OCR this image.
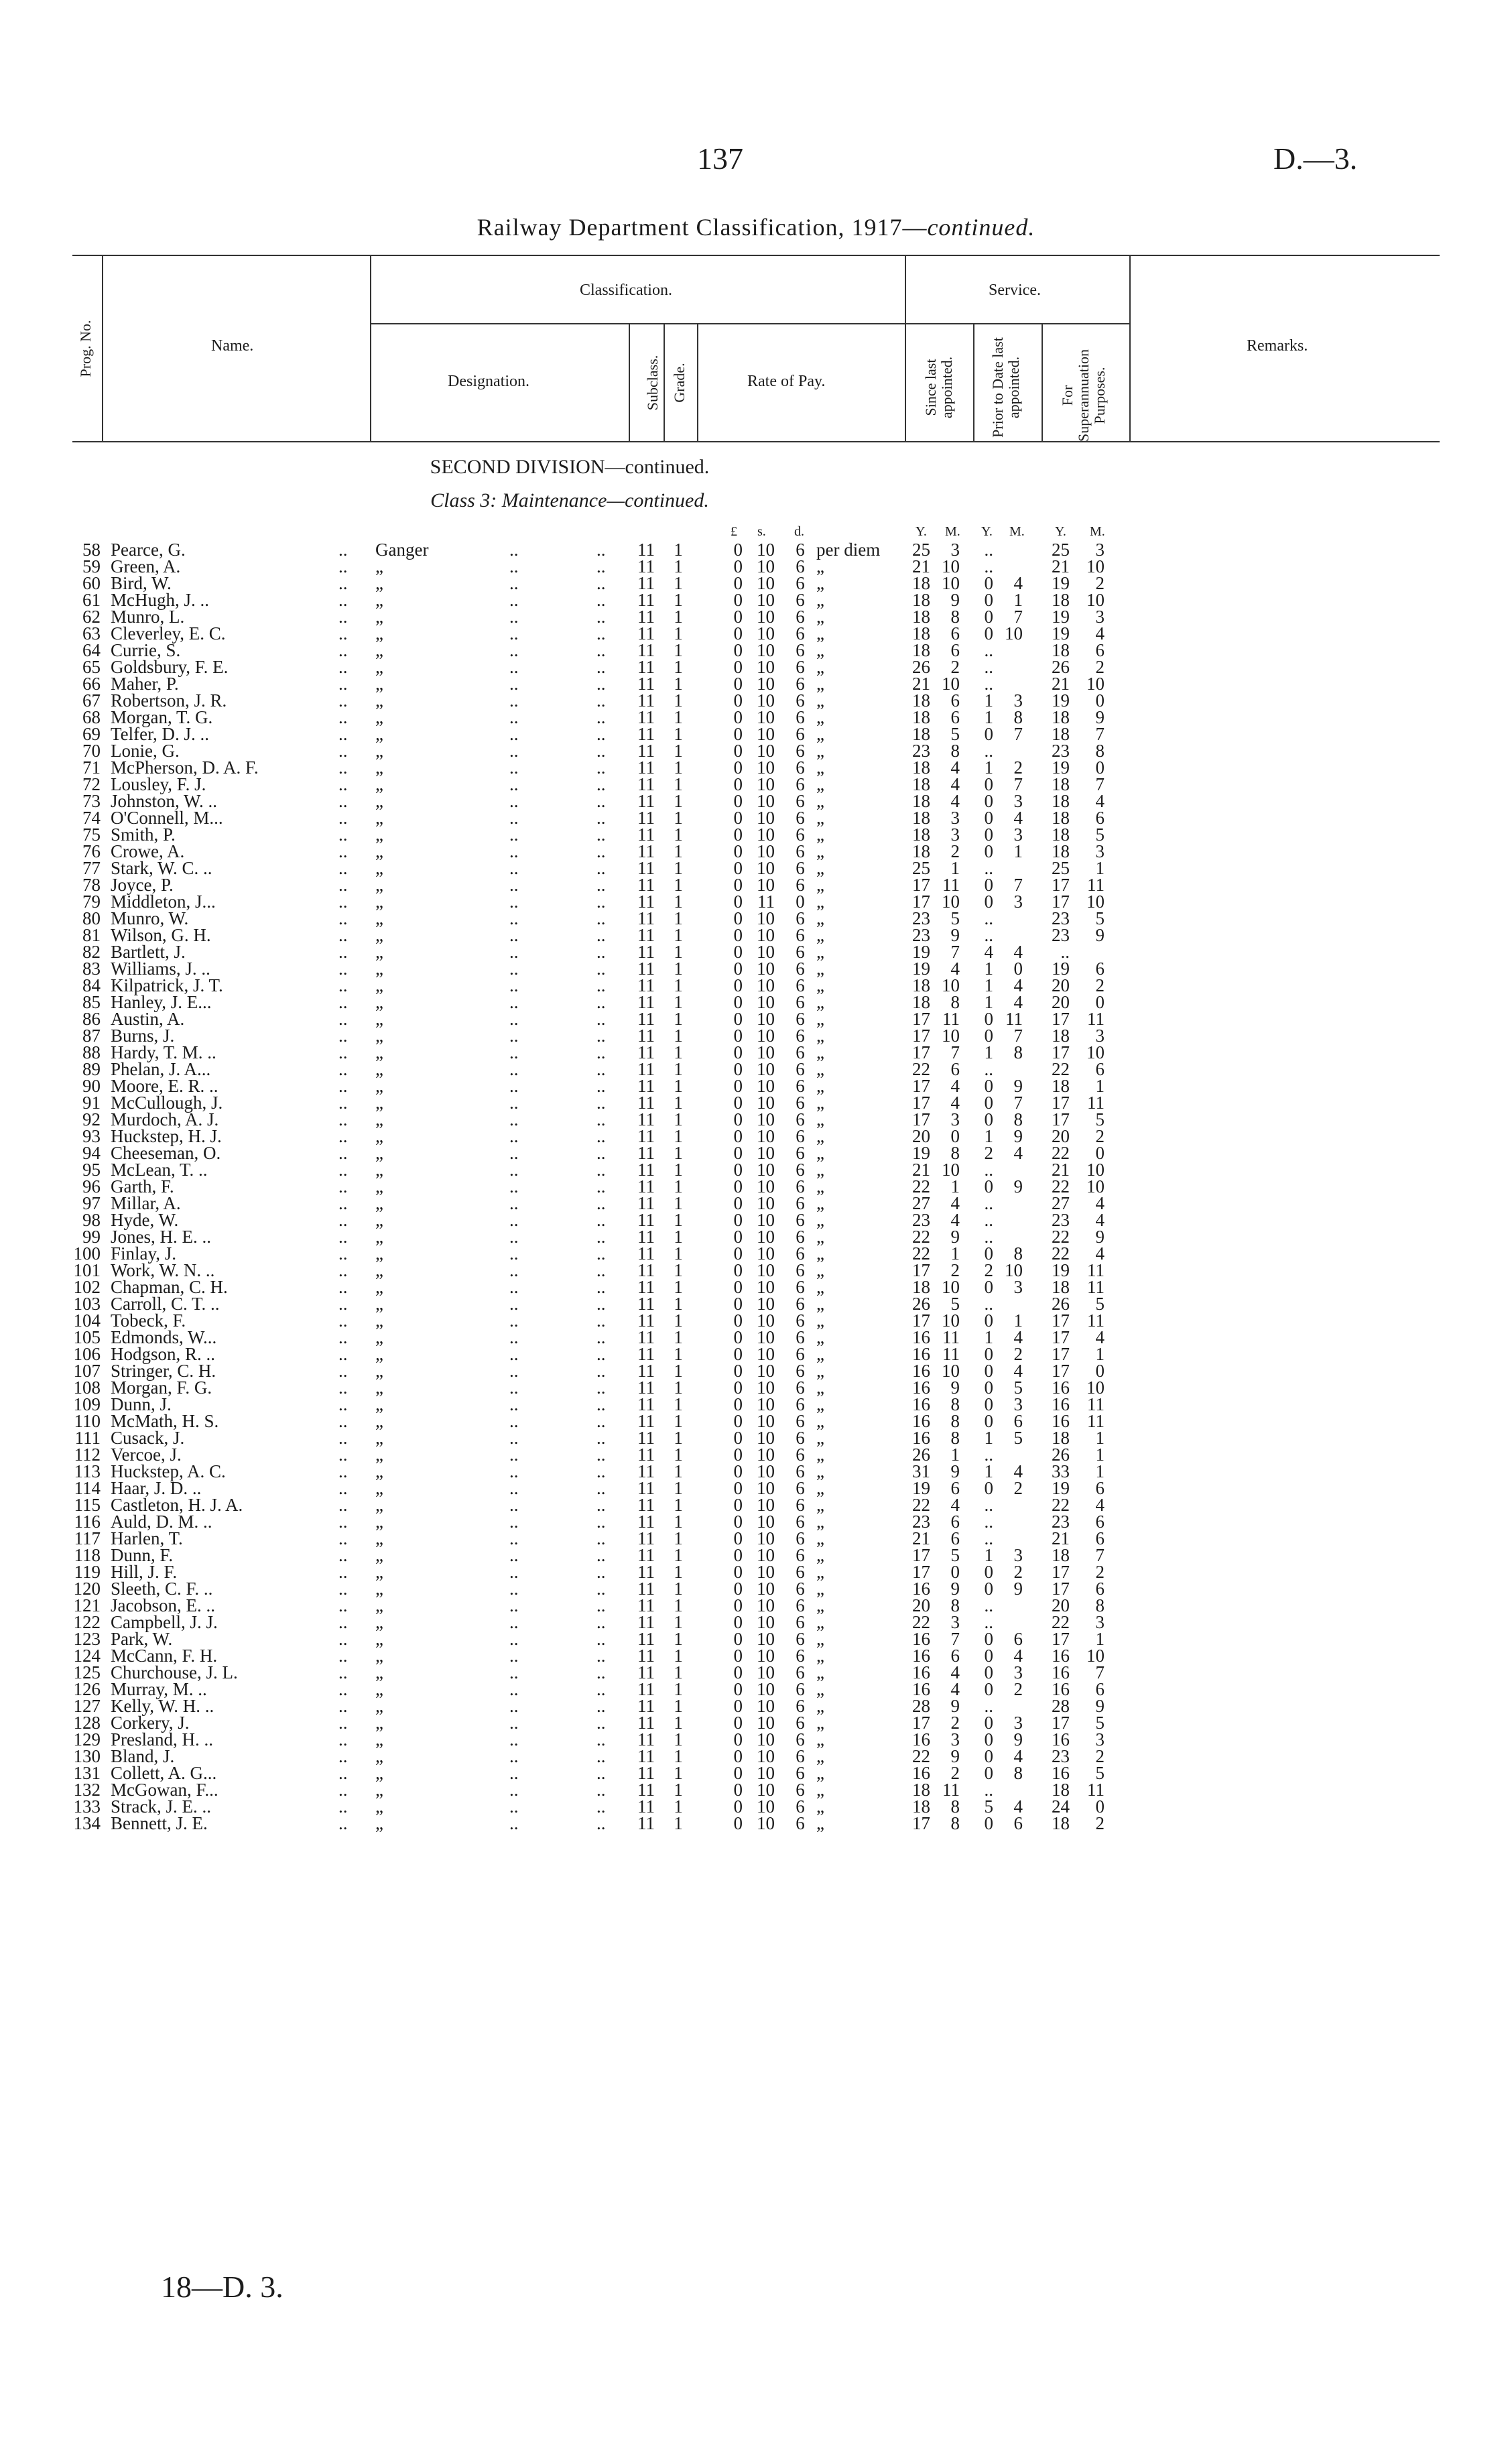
137	D.—3.
Railway Department Classification, 1917—continued.
Prog. No.	Name.
Classification.
Designation.	Subclass. Grade.	Rate of Pay.
Service.
Since last appointed. Prior to Date last appointed.	For Superannuation Purposes.
Remarks.
SECOND DIVISION—continued.
Class 3: Maintenance—continued.
£ s. d.	Y. M. Y. M. Y. M.
58 Pearce, G.	.. Ganger	..	..	11 1	0 10 6 per diem	25	3	..	25	3
59 Green, A.	.. „	..	..	11 1	0 10 6 „	21 10	..	21 10
60 Bird, W.	.. „	..	..	11 1	0 10 6 „	18 10	0	4	19	2
61 McHugh, J. ..	.. „	..	..	11 1	0 10 6 „	18	9	0	1	18 10
62 Munro, L.	.. „	..	..	11 1	0 10 6 „	18	8	0	7	19	3
63 Cleverley, E. C.	.. „	..	..	11 1	0 10 6 „	18	6	0 10	19	4
64 Currie, S.	.. „	..	..	11 1	0 10 6 „	18	6	..	18	6
65 Goldsbury, F. E.	.. „	..	..	11 1	0 10 6 „	26	2	..	26	2
66 Maher, P.	.. „	..	..	11 1	0 10 6 „	21 10	..	21 10
67 Robertson, J. R.	.. „	..	..	11 1	0 10 6 „	18	6	1	3	19	0
68 Morgan, T. G.	.. „	..	..	11 1	0 10 6 „	18	6	1	8	18	9
69 Telfer, D. J. ..	.. „	..	..	11 1	0 10 6 „	18	5	0	7	18	7
70 Lonie, G.	.. „	..	..	11 1	0 10 6 „	23	8	..	23	8
71 McPherson, D. A. F.	.. „	..	..	11 1	0 10 6 „	18	4	1	2	19	0
72 Lousley, F. J.	.. „	..	..	11 1	0 10 6 „	18	4	0	7	18	7
73 Johnston, W. ..	.. „	..	..	11 1	0 10 6 „	18	4	0	3	18	4
74 O'Connell, M...	.. „	..	..	11 1	0 10 6 „	18	3	0	4	18	6
75 Smith, P.	.. „	..	..	11 1	0 10 6 „	18	3	0	3	18	5
76 Crowe, A.	.. „	..	..	11 1	0 10 6 „	18	2	0	1	18	3
77 Stark, W. C. ..	.. „	..	..	11 1	0 10 6 „	25	1	..	25	1
78 Joyce, P.	.. „	..	..	11 1	0 10 6 „	17 11	0	7	17 11
79 Middleton, J...	.. „	..	..	11 1	0 11 0 „	17 10	0	3	17 10
80 Munro, W.	.. „	..	..	11 1	0 10 6 „	23	5	..	23	5
81 Wilson, G. H.	.. „	..	..	11 1	0 10 6 „	23	9	..	23	9
82 Bartlett, J.	.. „	..	..	11 1	0 10 6 „	19	7	4	4	..
83 Williams, J. ..	.. „	..	..	11 1	0 10 6 „	19	4	1	0	19	6
84 Kilpatrick, J. T.	.. „	..	..	11 1	0 10 6 „	18 10	1	4	20	2
85 Hanley, J. E...	.. „	..	..	11 1	0 10 6 „	18	8	1	4	20	0
86 Austin, A.	.. „	..	..	11 1	0 10 6 „	17 11	0 11	17 11
87 Burns, J.	.. „	..	..	11 1	0 10 6 „	17 10	0	7	18	3
88 Hardy, T. M. ..	.. „	..	..	11 1	0 10 6 „	17	7	1	8	17 10
89 Phelan, J. A...	.. „	..	..	11 1	0 10 6 „	22	6	..	22	6
90 Moore, E. R. ..	.. „	..	..	11 1	0 10 6 „	17	4	0	9	18	1
91 McCullough, J.	.. „	..	..	11 1	0 10 6 „	17	4	0	7	17 11
92 Murdoch, A. J.	.. „	..	..	11 1	0 10 6 „	17	3	0	8	17	5
93 Huckstep, H. J.	.. „	..	..	11 1	0 10 6 „	20	0	1	9	20	2
94 Cheeseman, O.	.. „	..	..	11 1	0 10 6 „	19	8	2	4	22	0
95 McLean, T. ..	.. „	..	..	11 1	0 10 6 „	21 10	..	21 10
96 Garth, F.	.. „	..	..	11 1	0 10 6 „	22	1	0	9	22 10
97 Millar, A.	.. „	..	..	11 1	0 10 6 „	27	4	..	27	4
98 Hyde, W.	.. „	..	..	11 1	0 10 6 „	23	4	..	23	4
99 Jones, H. E. ..	.. „	..	..	11 1	0 10 6 „	22	9	..	22	9
100 Finlay, J.	.. „	..	..	11 1	0 10 6 „	22	1	0	8	22	4
101 Work, W. N. ..	.. „	..	..	11 1	0 10 6 „	17	2	2 10	19 11
102 Chapman, C. H.	.. „	..	..	11 1	0 10 6 „	18 10	0	3	18 11
103 Carroll, C. T. ..	.. „	..	..	11 1	0 10 6 „	26	5	..	26	5
104 Tobeck, F.	.. „	..	..	11 1	0 10 6 „	17 10	0	1	17 11
105 Edmonds, W...	.. „	..	..	11 1	0 10 6 „	16 11	1	4	17	4
106 Hodgson, R. ..	.. „	..	..	11 1	0 10 6 „	16 11	0	2	17	1
107 Stringer, C. H.	.. „	..	..	11 1	0 10 6 „	16 10	0	4	17	0
108 Morgan, F. G.	.. „	..	..	11 1	0 10 6 „	16	9	0	5	16 10
109 Dunn, J.	.. „	..	..	11 1	0 10 6 „	16	8	0	3	16 11
110 McMath, H. S.	.. „	..	..	11 1	0 10 6 „	16	8	0	6	16 11
111 Cusack, J.	.. „	..	..	11 1	0 10 6 „	16	8	1	5	18	1
112 Vercoe, J.	.. „	..	..	11 1	0 10 6 „	26	1	..	26	1
113 Huckstep, A. C.	.. „	..	..	11 1	0 10 6 „	31	9	1	4	33	1
114 Haar, J. D. ..	.. „	..	..	11 1	0 10 6 „	19	6	0	2	19	6
115 Castleton, H. J. A.	.. „	..	..	11 1	0 10 6 „	22	4	..	22	4
116 Auld, D. M. ..	.. „	..	..	11 1	0 10 6 „	23	6	..	23	6
117 Harlen, T.	.. „	..	..	11 1	0 10 6 „	21	6	..	21	6
118 Dunn, F.	.. „	..	..	11 1	0 10 6 „	17	5	1	3	18	7
119 Hill, J. F.	.. „	..	..	11 1	0 10 6 „	17	0	0	2	17	2
120 Sleeth, C. F. ..	.. „	..	..	11 1	0 10 6 „	16	9	0	9	17	6
121 Jacobson, E. ..	.. „	..	..	11 1	0 10 6 „	20	8	..	20	8
122 Campbell, J. J.	.. „	..	..	11 1	0 10 6 „	22	3	..	22	3
123 Park, W.	.. „	..	..	11 1	0 10 6 „	16	7	0	6	17	1
124 McCann, F. H.	.. „	..	..	11 1	0 10 6 „	16	6	0	4	16 10
125 Churchouse, J. L.	.. „	..	..	11 1	0 10 6 „	16	4	0	3	16	7
126 Murray, M. ..	.. „	..	..	11 1	0 10 6 „	16	4	0	2	16	6
127 Kelly, W. H. ..	.. „	..	..	11 1	0 10 6 „	28	9	..	28	9
128 Corkery, J.	.. „	..	..	11 1	0 10 6 „	17	2	0	3	17	5
129 Presland, H. ..	.. „	..	..	11 1	0 10 6 „	16	3	0	9	16	3
130 Bland, J.	.. „	..	..	11 1	0 10 6 „	22	9	0	4	23	2
131 Collett, A. G...	.. „	..	..	11 1	0 10 6 „	16	2	0	8	16	5
132 McGowan, F...	.. „	..	..	11 1	0 10 6 „	18 11	..	18 11
133 Strack, J. E. ..	.. „	..	..	11 1	0 10 6 „	18	8	5	4	24	0
134 Bennett, J. E.	.. „	..	..	11 1	0 10 6 „	17	8	0	6	18	2
18—D. 3.
